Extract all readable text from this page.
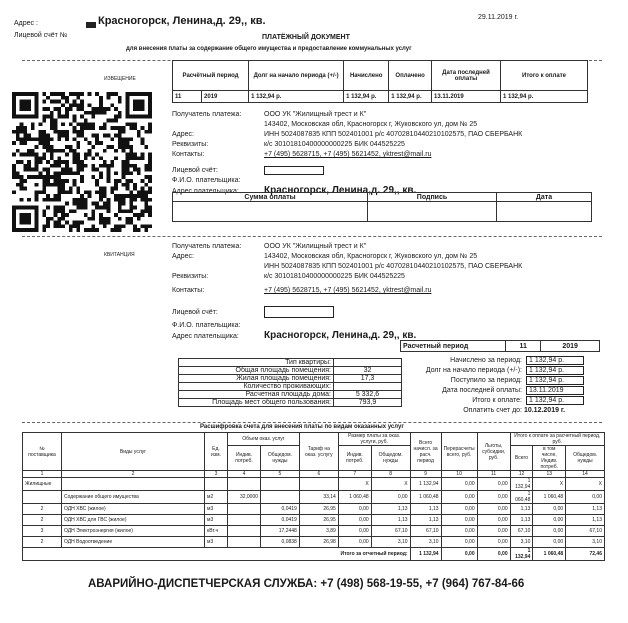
Адрес :
Лицевой счёт №
Красногорск, Ленина,д. 29,, кв.	29.11.2019 г.
ПЛАТЁЖНЫЙ ДОКУМЕНТ
для внесения платы за содержание общего имущества и предоставление коммунальных услуг
ИЗВЕЩЕНИЕ
Расчётный период		Долг на начало периода (+/-)	Начислено	Оплачено	Дата последней оплаты	Итого к оплате
11	2019	1 132,94 р.	1 132,94 р.	1 132,94 р.	13.11.2019	1 132,94 р.
Получатель платежа:	ООО УК "Жилищный трест и К"
143402, Московская обл, Красногорск г, Жуковского ул, дом № 25
Адрес:	ИНН 5024087835 КПП 502401001 р/с 40702810440210102575, ПАО СБЕРБАНК
Реквизиты:	к/с 30101810400000000225 БИК 044525225
Контакты:	+7 (495) 5628715, +7 (495) 5621452, yktrest@mail.ru
Лицевой счёт:
Ф.И.О. плательщика:
Адрес плательщика:	Красногорск, Ленина,д. 29,, кв.
Сумма оплаты	Подпись	Дата

КВИТАНЦИЯ
Получатель платежа:	ООО УК "Жилищный трест и К"
Адрес:	143402, Московская обл, Красногорск г, Жуковского ул, дом № 25
ИНН 5024087835 КПП 502401001 р/с 40702810440210102575, ПАО СБЕРБАНК
Реквизиты:	к/с 30101810400000000225 БИК 044525225
Контакты:	+7 (495) 5628715, +7 (495) 5621452, yktrest@mail.ru
Лицевой счёт:
Ф.И.О. плательщика:
Адрес плательщика:	Красногорск, Ленина,д. 29,, кв.
Тип квартиры:	
Общая площадь помещения:	32
Жилая площадь помещения:	17,3
Количество проживающих:	
Расчетная площадь дома:	5 332,6
Площадь мест общего пользования:	793,9
Расчетный период	11	2019
Начислено за период: 1 132,94 р.
Долг на начало периода (+/-): 1 132,94 р.
Поступило за период: 1 132,94 р.
Дата последней оплаты: 13.11.2019
Итого к оплате: 1 132,94 р.
Оплатить счет до: 10.12.2019 г.
Расшифровка счета для внесения платы по видам оказанных услуг
№ поставщика	Виды услуг	Ед. изм.	Объем оказ. услуг		Тариф на оказ. услугу	Размер платы за оказ. услуги, руб.		Всего начисл. за расч. период	Перерасчеты всего, руб.	Льготы, субсидии, руб.	Итого к оплате за расчетный период, руб.		
			Индив. потреб.	Общедом. нужды		Индив. потреб.	Общедом. нужды				Всего	в том числе,
Индив. потреб.	Общедом. нужды
1	2	3	4	5	6	7	8	9	10	11	12	13	14
Жилищные						X	X	1 132,94	0,00	0,00	1 132,94	X	X
	Содержание общего имущества	м2	32,0000		33,14	1 060,48	0,00	1 060,48	0,00	0,00	1 060,48	1 060,48	0,00
2	ОДН ХВС (жилое)	м3		0,0419	26,95	0,00	1,13	1,13	0,00	0,00	1,13	0,00	1,13
2	ОДН ХВС для ГВС (жилое)	м3		0,0419	26,95	0,00	1,13	1,13	0,00	0,00	1,13	0,00	1,13
3	ОДН Электроэнергия (жилое)	кВт.ч		17,2448	3,89	0,00	67,10	67,10	0,00	0,00	67,10	0,00	67,10
2	ОДН Водоотведение	м3		0,0838	26,98	0,00	3,10	3,10	0,00	0,00	3,10	0,00	3,10
Итого за отчетный период:								1 132,94	0,00	0,00	1 132,94	1 060,48	72,46
АВАРИЙНО-ДИСПЕТЧЕРСКАЯ СЛУЖБА: +7 (498) 568-19-55, +7 (964) 767-84-66
